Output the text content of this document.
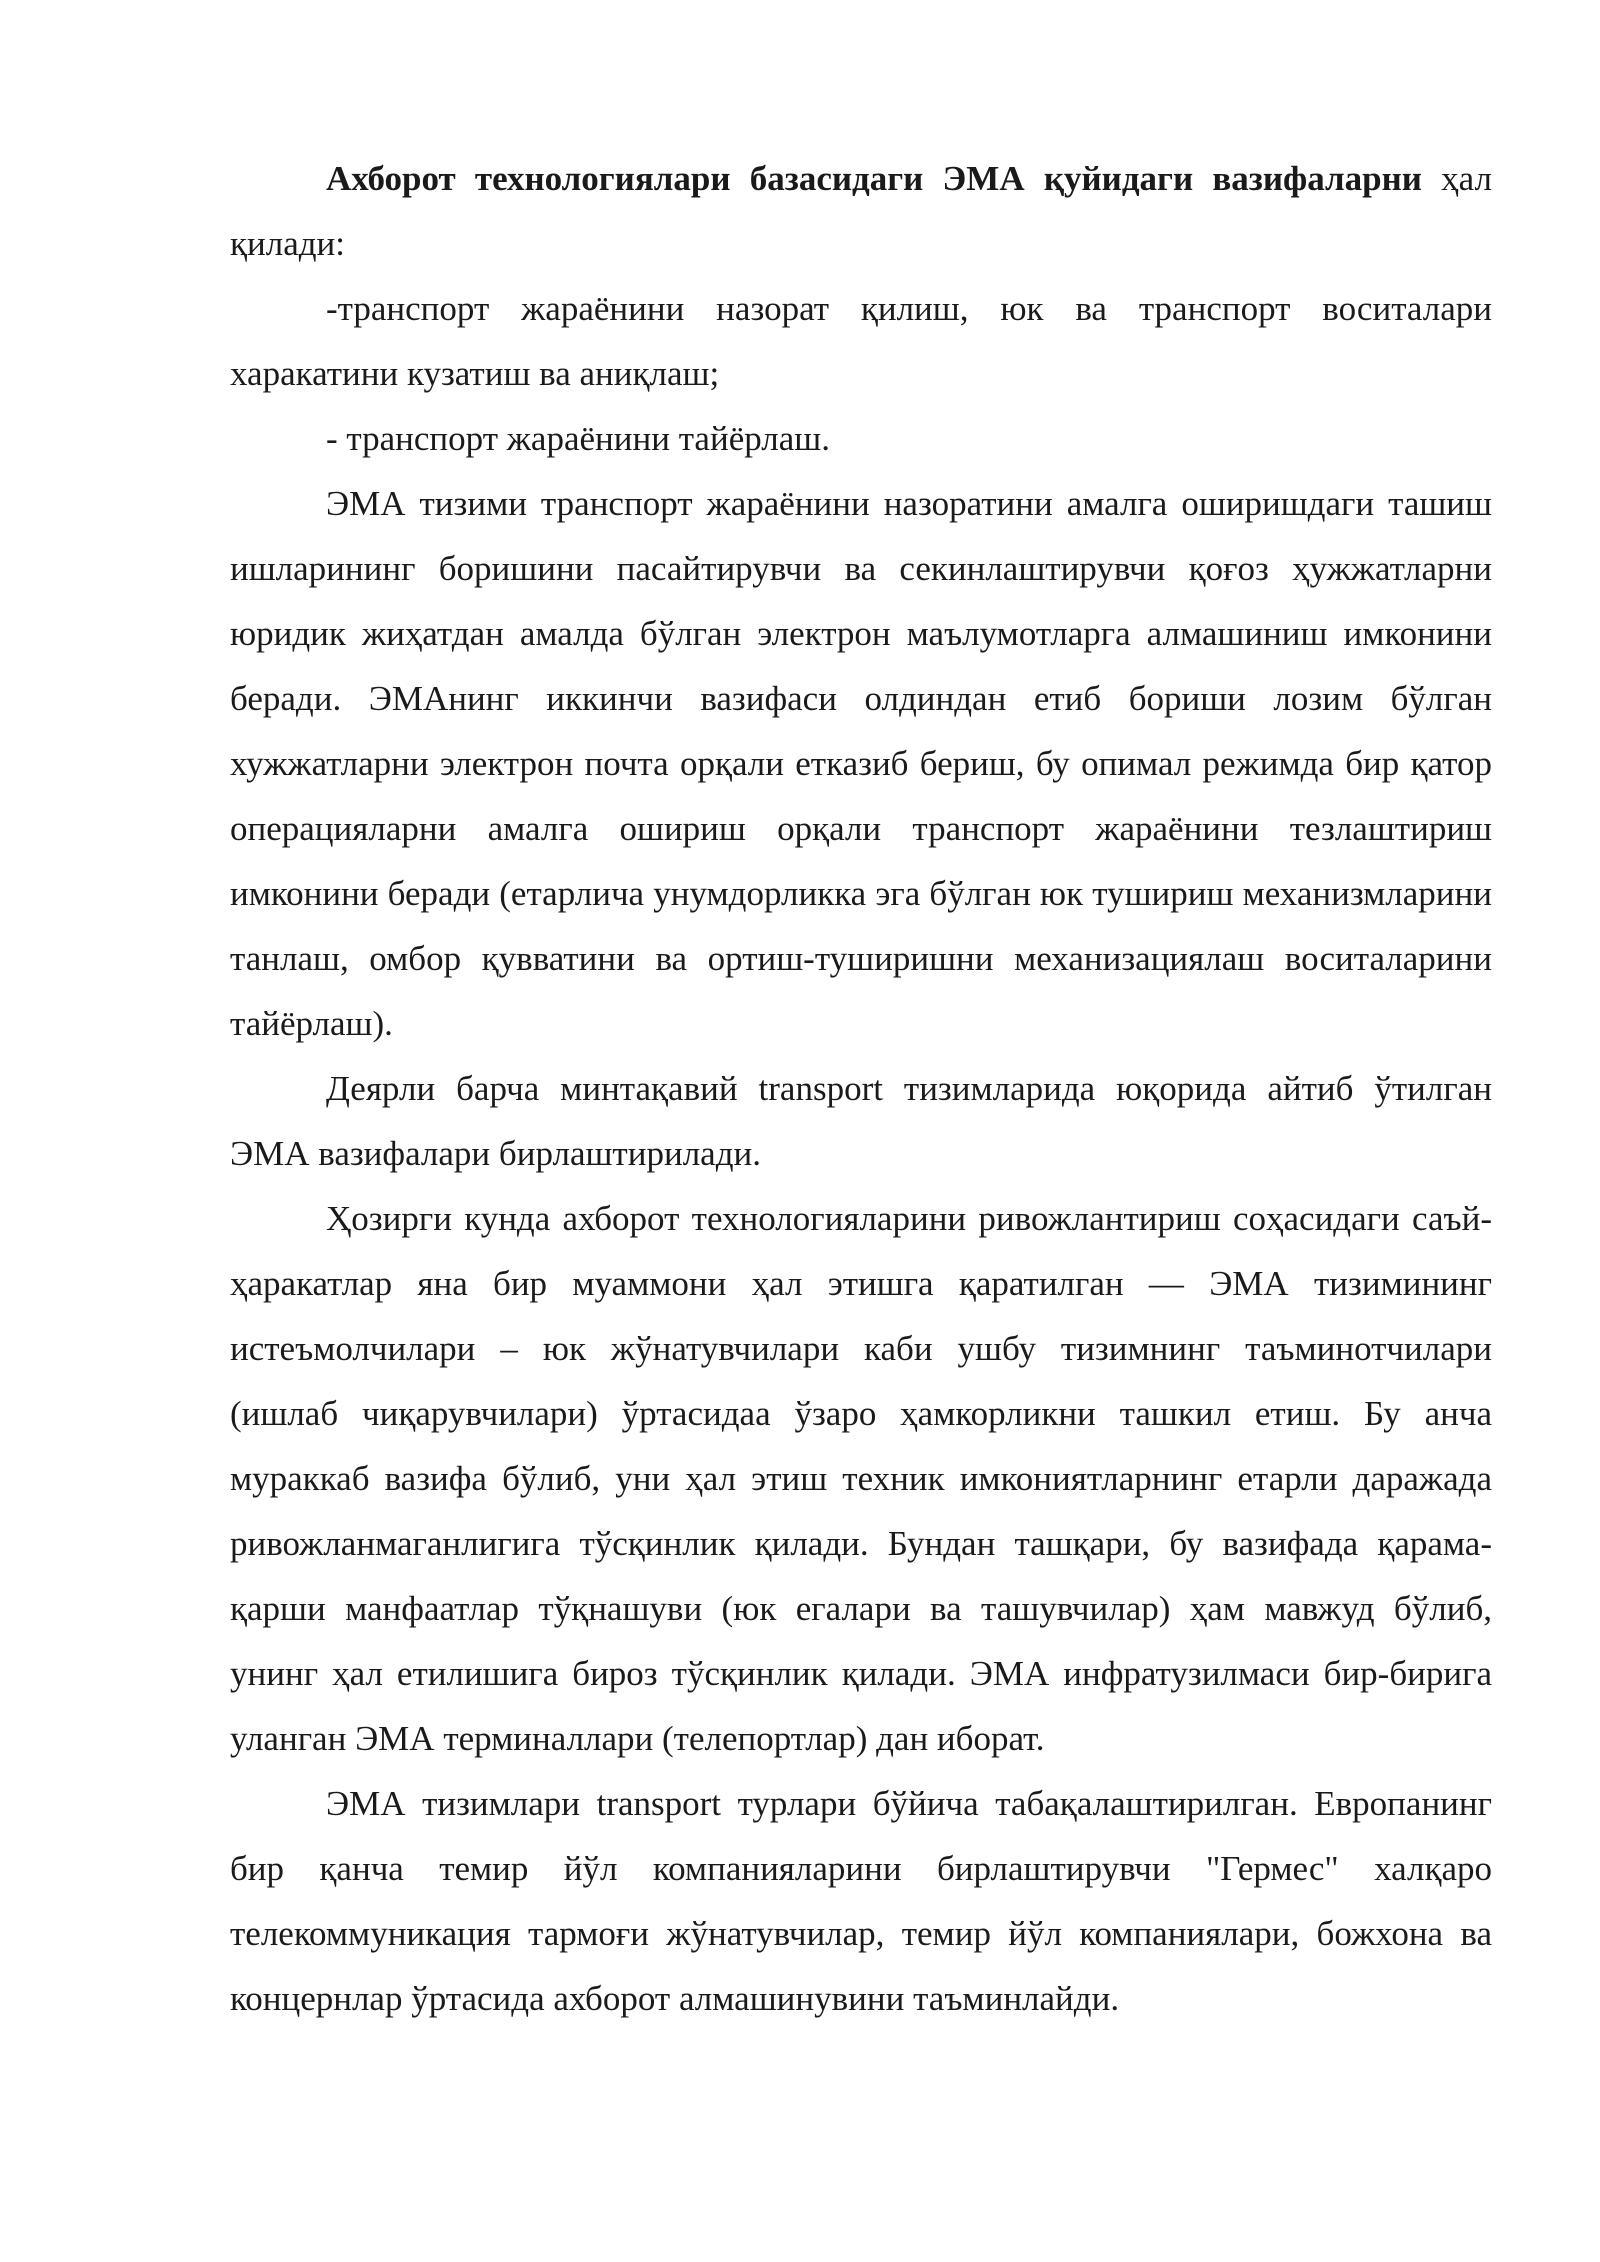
Ахборот технологиялари базасидаги ЭМА қуйидаги вазифаларни ҳал қилади:

-транспорт жараёнини назорат қилиш, юк ва транспорт воситалари харакатини кузатиш ва аниқлаш;

- транспорт жараёнини тайёрлаш.

ЭМА тизими транспорт жараёнини назоратини амалга оширишдаги ташиш ишларининг боришини пасайтирувчи ва секинлаштирувчи қоғоз ҳужжатларни юридик жиҳатдан амалда бўлган электрон маълумотларга алмашиниш имконини беради. ЭМАнинг иккинчи вазифаси олдиндан етиб бориши лозим бўлган хужжатларни электрон почта орқали етказиб бериш, бу опимал режимда бир қатор операцияларни амалга ошириш орқали транспорт жараёнини тезлаштириш имконини беради (етарлича унумдорликка эга бўлган юк тушириш механизмларини танлаш, омбор қувватини ва ортиш-туширишни механизациялаш воситаларини тайёрлаш).

Деярли барча минтақавий transport тизимларида юқорида айтиб ўтилган ЭМА вазифалари бирлаштирилади.

Ҳозирги кунда ахборот технологияларини ривожлантириш соҳасидаги саъй-ҳаракатлар яна бир муаммони ҳал этишга қаратилган — ЭМА тизимининг истеъмолчилари – юк жўнатувчилари каби ушбу тизимнинг таъминотчилари (ишлаб чиқарувчилари) ўртасидаа ўзаро ҳамкорликни ташкил етиш. Бу анча мураккаб вазифа бўлиб, уни ҳал этиш техник имкониятларнинг етарли даражада ривожланмаганлигига тўсқинлик қилади. Бундан ташқари, бу вазифада қарама-қарши манфаатлар тўқнашуви (юк егалари ва ташувчилар) ҳам мавжуд бўлиб, унинг ҳал етилишига бироз тўсқинлик қилади. ЭМА инфратузилмаси бир-бирига уланган ЭМА терминаллари (телепортлар) дан иборат.

ЭМА тизимлари transport турлари бўйича табақалаштирилган. Европанинг бир қанча темир йўл компанияларини бирлаштирувчи "Гермес" халқаро телекоммуникация тармоғи жўнатувчилар, темир йўл компаниялари, божхона ва концернлар ўртасида ахборот алмашинувини таъминлайди.
